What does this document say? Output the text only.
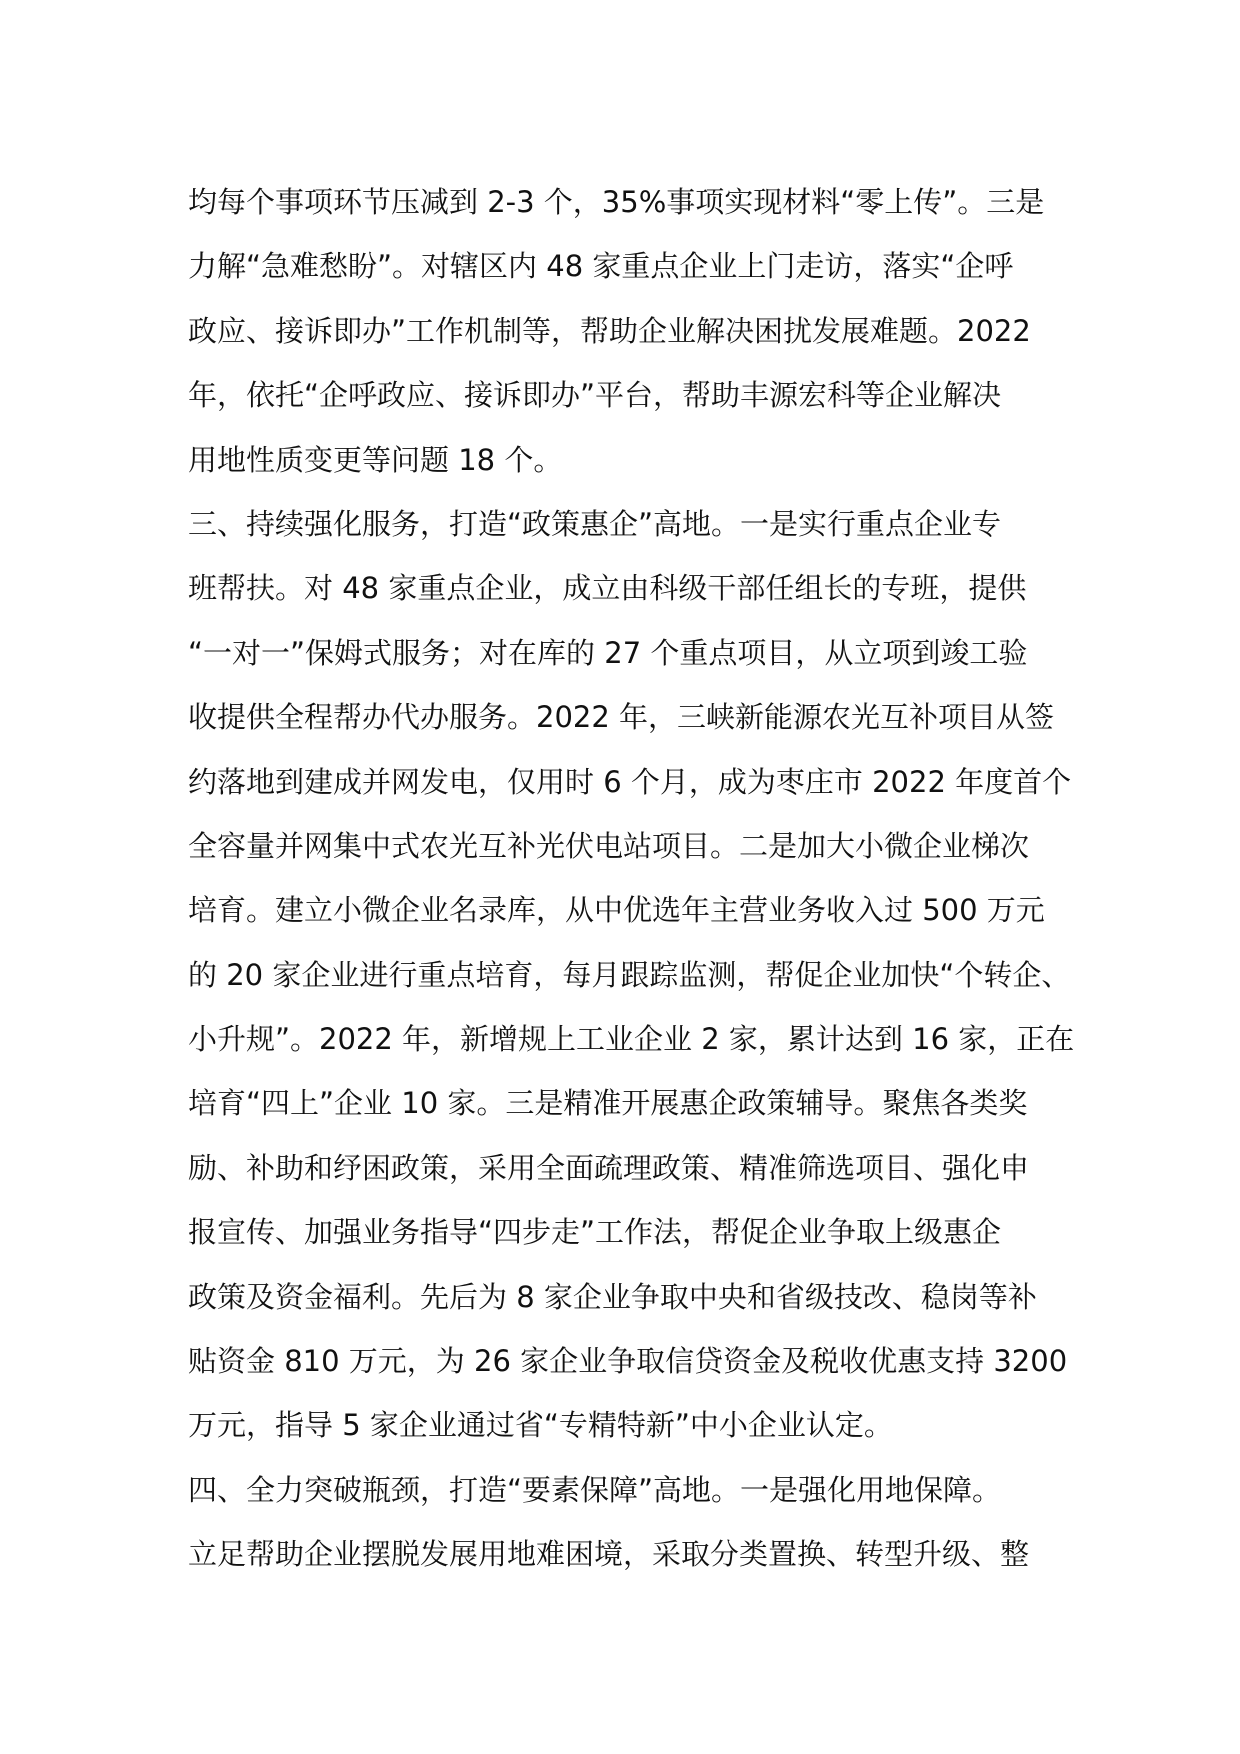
均每个事项环节压减到 2-3 个，35%事项实现材料“零上传”。三是
力解“急难愁盼”。对辖区内 48 家重点企业上门走访，落实“企呼
政应、接诉即办”工作机制等，帮助企业解决困扰发展难题。2022
年，依托“企呼政应、接诉即办”平台，帮助丰源宏科等企业解决
用地性质变更等问题 18 个。
三、持续强化服务，打造“政策惠企”高地。一是实行重点企业专
班帮扶。对 48 家重点企业，成立由科级干部任组长的专班，提供
“一对一”保姆式服务；对在库的 27 个重点项目，从立项到竣工验
收提供全程帮办代办服务。2022 年，三峡新能源农光互补项目从签
约落地到建成并网发电，仅用时 6 个月，成为枣庄市 2022 年度首个
全容量并网集中式农光互补光伏电站项目。二是加大小微企业梯次
培育。建立小微企业名录库，从中优选年主营业务收入过 500 万元
的 20 家企业进行重点培育，每月跟踪监测，帮促企业加快“个转企、
小升规”。2022 年，新增规上工业企业 2 家，累计达到 16 家，正在
培育“四上”企业 10 家。三是精准开展惠企政策辅导。聚焦各类奖
励、补助和纾困政策，采用全面疏理政策、精准筛选项目、强化申
报宣传、加强业务指导“四步走”工作法，帮促企业争取上级惠企
政策及资金福利。先后为 8 家企业争取中央和省级技改、稳岗等补
贴资金 810 万元，为 26 家企业争取信贷资金及税收优惠支持 3200
万元，指导 5 家企业通过省“专精特新”中小企业认定。
四、全力突破瓶颈，打造“要素保障”高地。一是强化用地保障。
立足帮助企业摆脱发展用地难困境，采取分类置换、转型升级、整
